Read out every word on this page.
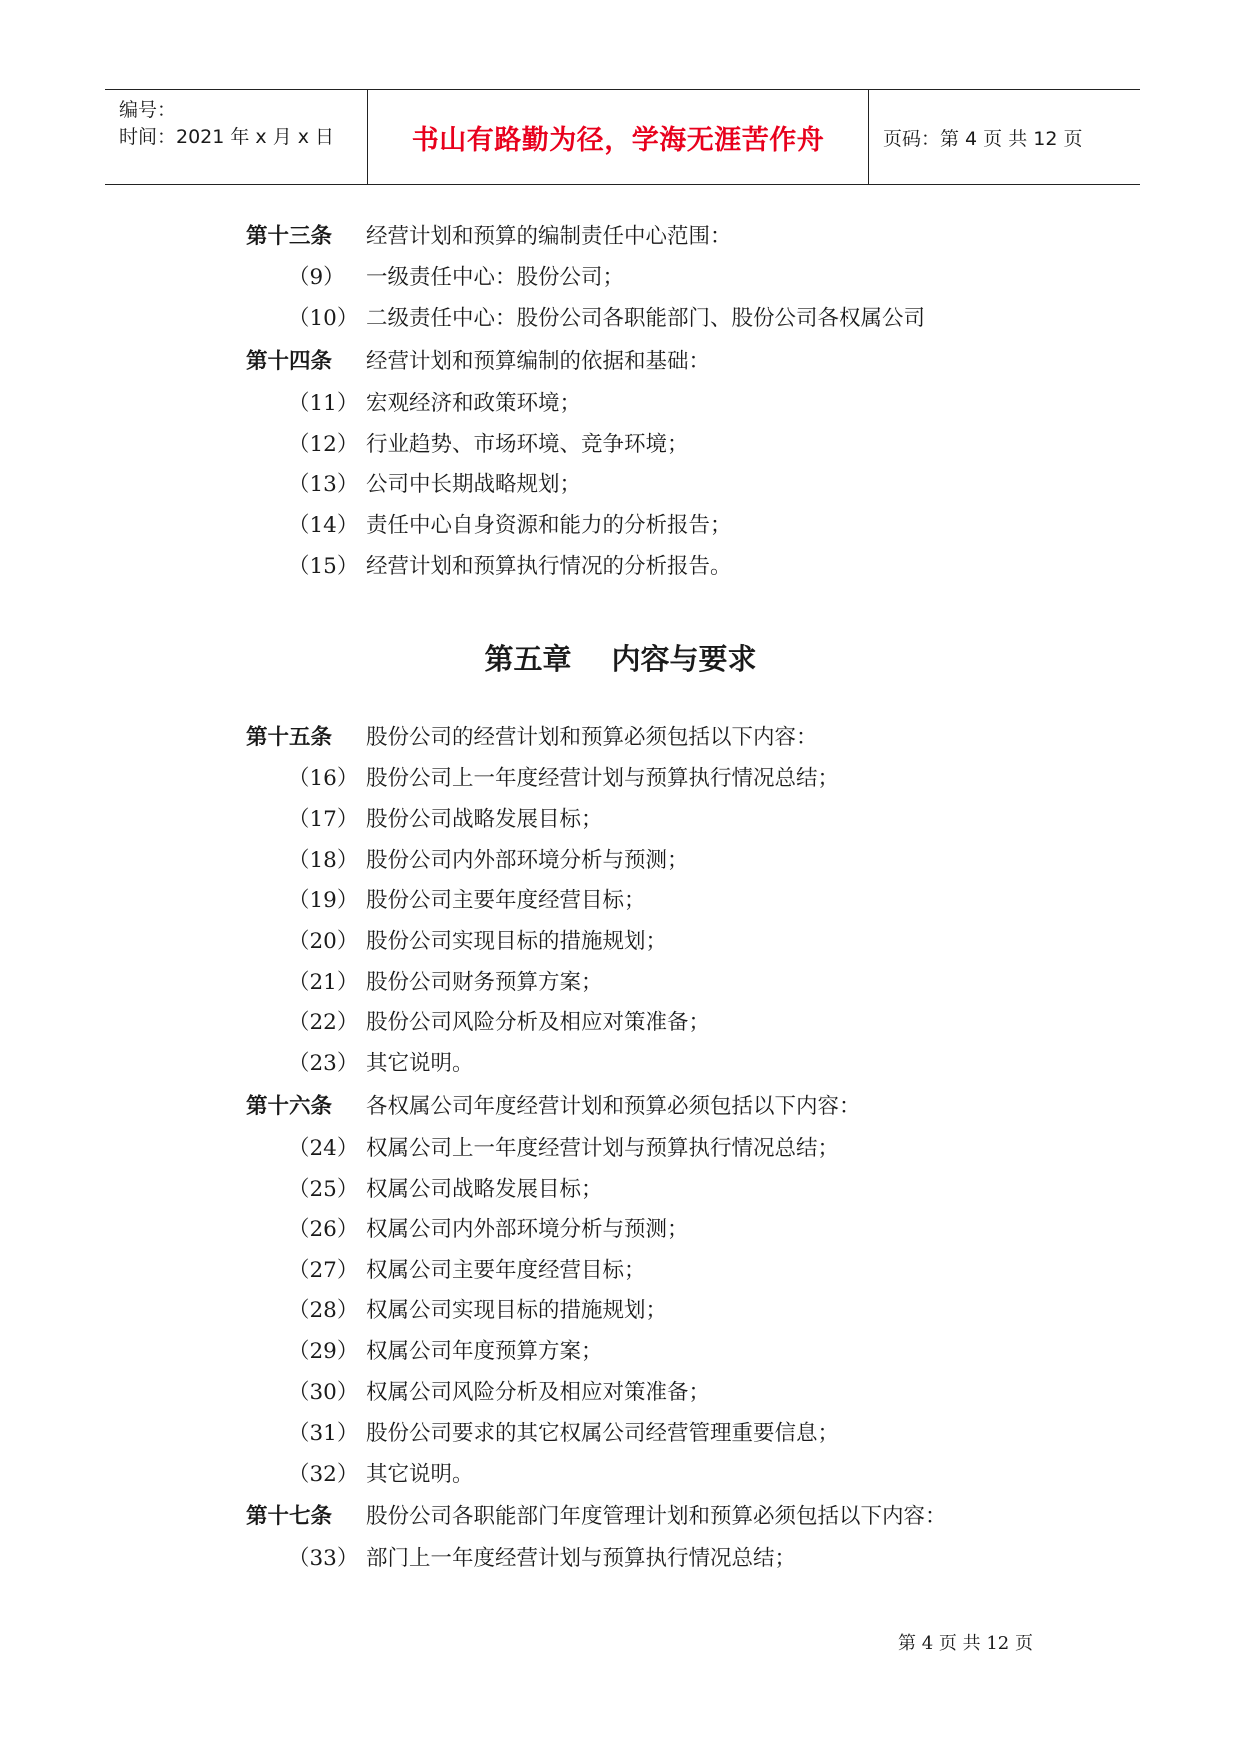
编号：
时间：2021 年 x 月 x 日	书山有路勤为径，学海无涯苦作舟	页码：第 4 页 共 12 页
第十三条 经营计划和预算的编制责任中心范围：
（9） 一级责任中心：股份公司；
（10） 二级责任中心：股份公司各职能部门、股份公司各权属公司
第十四条 经营计划和预算编制的依据和基础：
（11） 宏观经济和政策环境；
（12） 行业趋势、市场环境、竞争环境；
（13） 公司中长期战略规划；
（14） 责任中心自身资源和能力的分析报告；
（15） 经营计划和预算执行情况的分析报告。
第五章 内容与要求
第十五条 股份公司的经营计划和预算必须包括以下内容：
（16） 股份公司上一年度经营计划与预算执行情况总结；
（17） 股份公司战略发展目标；
（18） 股份公司内外部环境分析与预测；
（19） 股份公司主要年度经营目标；
（20） 股份公司实现目标的措施规划；
（21） 股份公司财务预算方案；
（22） 股份公司风险分析及相应对策准备；
（23） 其它说明。
第十六条 各权属公司年度经营计划和预算必须包括以下内容：
（24） 权属公司上一年度经营计划与预算执行情况总结；
（25） 权属公司战略发展目标；
（26） 权属公司内外部环境分析与预测；
（27） 权属公司主要年度经营目标；
（28） 权属公司实现目标的措施规划；
（29） 权属公司年度预算方案；
（30） 权属公司风险分析及相应对策准备；
（31） 股份公司要求的其它权属公司经营管理重要信息；
（32） 其它说明。
第十七条 股份公司各职能部门年度管理计划和预算必须包括以下内容：
（33） 部门上一年度经营计划与预算执行情况总结；
第 4 页 共 12 页
